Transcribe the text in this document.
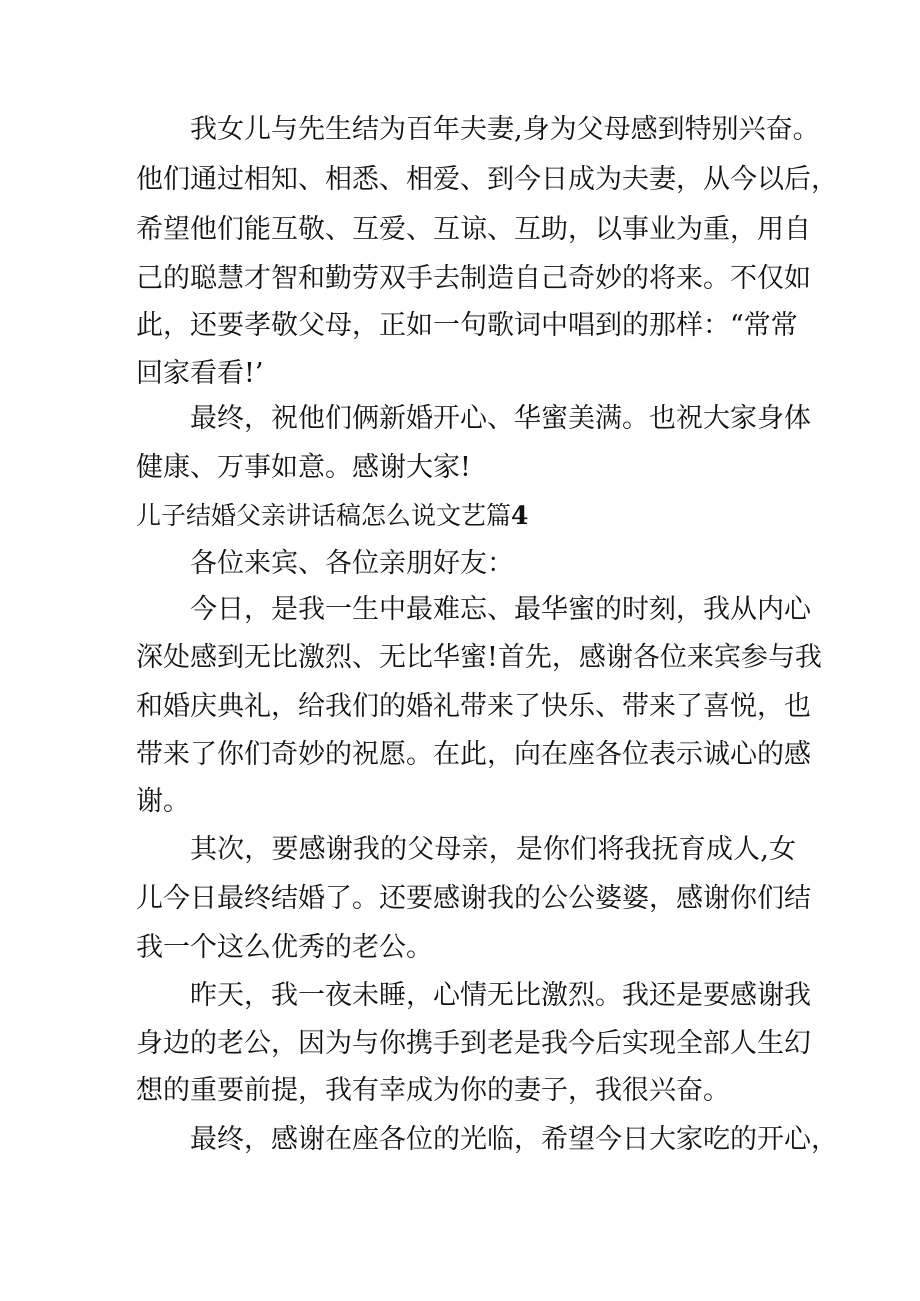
我女儿与先生结为百年夫妻,身为父母感到特别兴奋。
他们通过相知、相悉、相爱、到今日成为夫妻，从今以后，
希望他们能互敬、互爱、互谅、互助，以事业为重，用自
己的聪慧才智和勤劳双手去制造自己奇妙的将来。不仅如
此，还要孝敬父母，正如一句歌词中唱到的那样：“常常
回家看看!’
最终，祝他们俩新婚开心、华蜜美满。也祝大家身体
健康、万事如意。感谢大家!
儿子结婚父亲讲话稿怎么说文艺篇4
各位来宾、各位亲朋好友：
今日，是我一生中最难忘、最华蜜的时刻，我从内心
深处感到无比激烈、无比华蜜!首先，感谢各位来宾参与我
和婚庆典礼，给我们的婚礼带来了快乐、带来了喜悦，也
带来了你们奇妙的祝愿。在此，向在座各位表示诚心的感
谢。
其次，要感谢我的父母亲，是你们将我抚育成人,女
儿今日最终结婚了。还要感谢我的公公婆婆，感谢你们结
我一个这么优秀的老公。
昨天，我一夜未睡，心情无比激烈。我还是要感谢我
身边的老公，因为与你携手到老是我今后实现全部人生幻
想的重要前提，我有幸成为你的妻子，我很兴奋。
最终，感谢在座各位的光临，希望今日大家吃的开心，
